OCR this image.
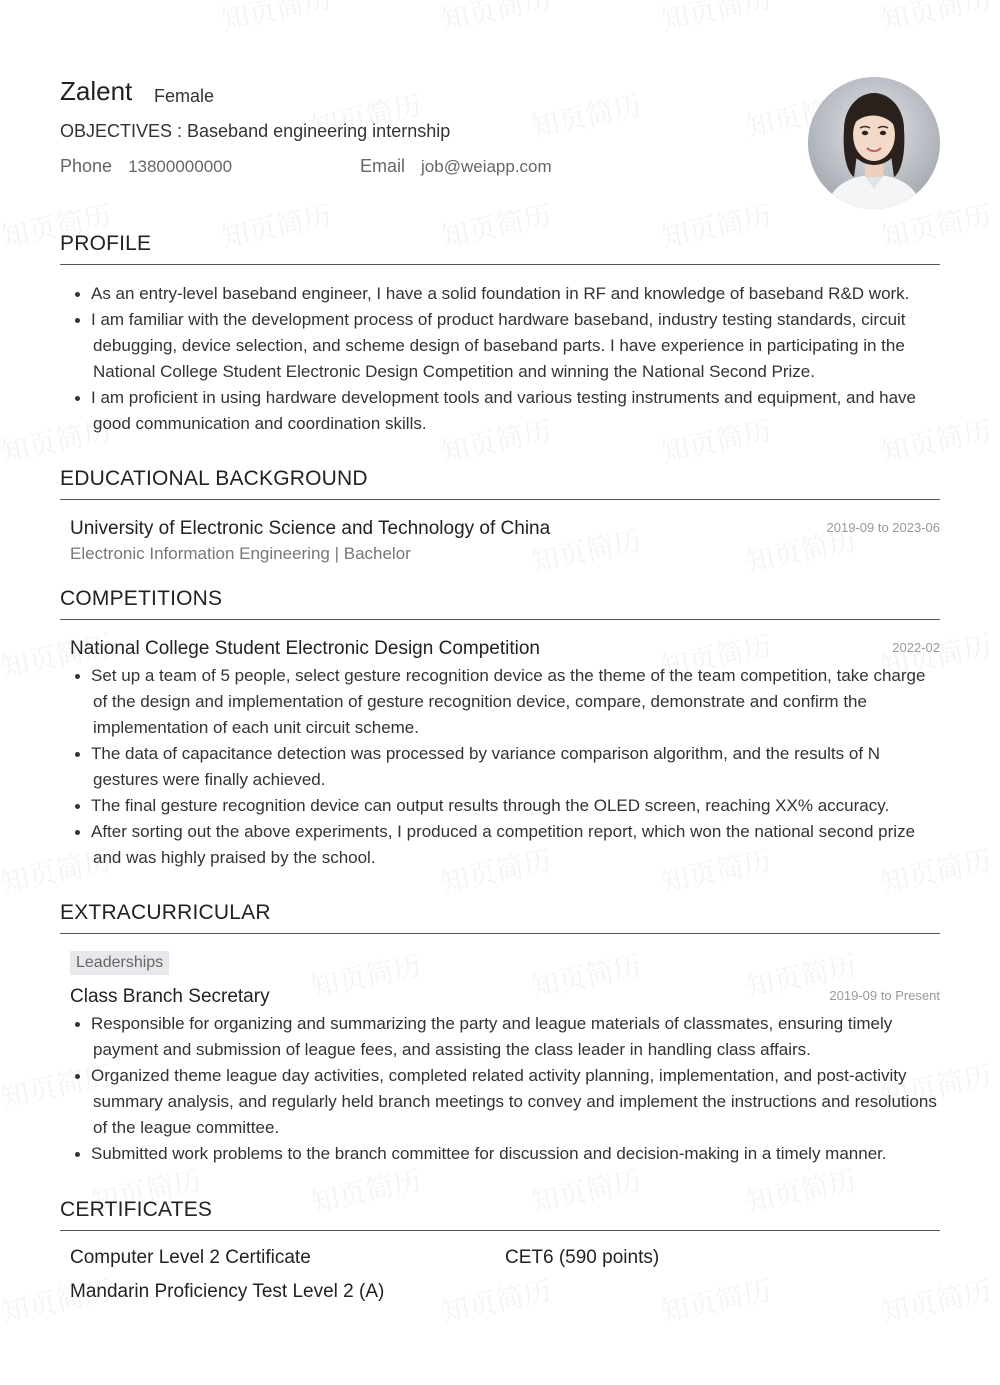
Zalent Female
OBJECTIVES : Baseband engineering internship
Phone 13800000000	Email job@weiapp.com
PROFILE
As an entry-level baseband engineer, I have a solid foundation in RF and knowledge of baseband R&D work.
I am familiar with the development process of product hardware baseband, industry testing standards, circuit debugging, device selection, and scheme design of baseband parts. I have experience in participating in the National College Student Electronic Design Competition and winning the National Second Prize.
I am proficient in using hardware development tools and various testing instruments and equipment, and have good communication and coordination skills.
EDUCATIONAL BACKGROUND
University of Electronic Science and Technology of China	2019-09 to 2023-06
Electronic Information Engineering | Bachelor
COMPETITIONS
National College Student Electronic Design Competition	2022-02
Set up a team of 5 people, select gesture recognition device as the theme of the team competition, take charge of the design and implementation of gesture recognition device, compare, demonstrate and confirm the implementation of each unit circuit scheme.
The data of capacitance detection was processed by variance comparison algorithm, and the results of N gestures were finally achieved.
The final gesture recognition device can output results through the OLED screen, reaching XX% accuracy.
After sorting out the above experiments, I produced a competition report, which won the national second prize and was highly praised by the school.
EXTRACURRICULAR
Leaderships
Class Branch Secretary	2019-09 to Present
Responsible for organizing and summarizing the party and league materials of classmates, ensuring timely payment and submission of league fees, and assisting the class leader in handling class affairs.
Organized theme league day activities, completed related activity planning, implementation, and post-activity summary analysis, and regularly held branch meetings to convey and implement the instructions and resolutions of the league committee.
Submitted work problems to the branch committee for discussion and decision-making in a timely manner.
CERTIFICATES
Computer Level 2 Certificate	CET6 (590 points)
Mandarin Proficiency Test Level 2 (A)
